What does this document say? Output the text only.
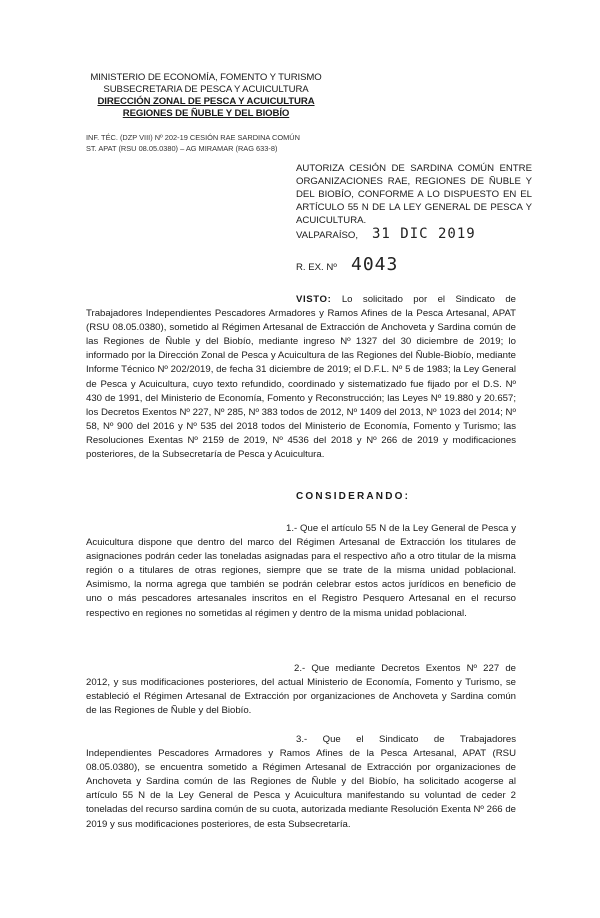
MINISTERIO DE ECONOMÍA, FOMENTO Y TURISMO
SUBSECRETARIA DE PESCA Y ACUICULTURA
DIRECCIÓN ZONAL DE PESCA Y ACUICULTURA
REGIONES DE ÑUBLE Y DEL BIOBÍO
INF. TÉC. (DZP VIII) Nº 202-19 CESIÓN RAE SARDINA COMÚN
ST. APAT (RSU 08.05.0380) – AG MIRAMAR (RAG 633-8)
AUTORIZA CESIÓN DE SARDINA COMÚN ENTRE ORGANIZACIONES RAE, REGIONES DE ÑUBLE Y DEL BIOBÍO, CONFORME A LO DISPUESTO EN EL ARTÍCULO 55 N DE LA LEY GENERAL DE PESCA Y ACUICULTURA.
VALPARAÍSO, 31 DIC 2019
R. EX. Nº 4043
VISTO: Lo solicitado por el Sindicato de Trabajadores Independientes Pescadores Armadores y Ramos Afines de la Pesca Artesanal, APAT (RSU 08.05.0380), sometido al Régimen Artesanal de Extracción de Anchoveta y Sardina común de las Regiones de Ñuble y del Biobío, mediante ingreso Nº 1327 del 30 diciembre de 2019; lo informado por la Dirección Zonal de Pesca y Acuicultura de las Regiones del Ñuble-Biobío, mediante Informe Técnico Nº 202/2019, de fecha 31 diciembre de 2019; el D.F.L. Nº 5 de 1983; la Ley General de Pesca y Acuicultura, cuyo texto refundido, coordinado y sistematizado fue fijado por el D.S. Nº 430 de 1991, del Ministerio de Economía, Fomento y Reconstrucción; las Leyes Nº 19.880 y 20.657; los Decretos Exentos Nº 227, Nº 285, Nº 383 todos de 2012, Nº 1409 del 2013, Nº 1023 del 2014; Nº 58, Nº 900 del 2016 y Nº 535 del 2018 todos del Ministerio de Economía, Fomento y Turismo; las Resoluciones Exentas Nº 2159 de 2019, Nº 4536 del 2018 y Nº 266 de 2019 y modificaciones posteriores, de la Subsecretaría de Pesca y Acuicultura.
CONSIDERANDO:
1.- Que el artículo 55 N de la Ley General de Pesca y Acuicultura dispone que dentro del marco del Régimen Artesanal de Extracción los titulares de asignaciones podrán ceder las toneladas asignadas para el respectivo año a otro titular de la misma región o a titulares de otras regiones, siempre que se trate de la misma unidad poblacional. Asimismo, la norma agrega que también se podrán celebrar estos actos jurídicos en beneficio de uno o más pescadores artesanales inscritos en el Registro Pesquero Artesanal en el recurso respectivo en regiones no sometidas al régimen y dentro de la misma unidad poblacional.
2.- Que mediante Decretos Exentos Nº 227 de 2012, y sus modificaciones posteriores, del actual Ministerio de Economía, Fomento y Turismo, se estableció el Régimen Artesanal de Extracción por organizaciones de Anchoveta y Sardina común de las Regiones de Ñuble y del Biobío.
3.- Que el Sindicato de Trabajadores Independientes Pescadores Armadores y Ramos Afines de la Pesca Artesanal, APAT (RSU 08.05.0380), se encuentra sometido a Régimen Artesanal de Extracción por organizaciones de Anchoveta y Sardina común de las Regiones de Ñuble y del Biobío, ha solicitado acogerse al artículo 55 N de la Ley General de Pesca y Acuicultura manifestando su voluntad de ceder 2 toneladas del recurso sardina común de su cuota, autorizada mediante Resolución Exenta Nº 266 de 2019 y sus modificaciones posteriores, de esta Subsecretaría.
